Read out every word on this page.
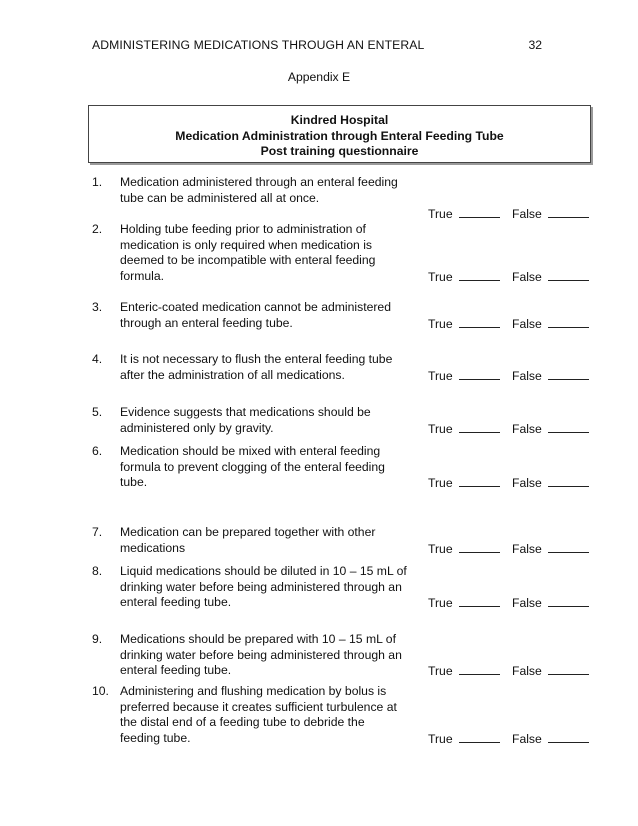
ADMINISTERING MEDICATIONS THROUGH AN ENTERAL	32
Appendix E
Kindred Hospital
Medication Administration through Enteral Feeding Tube
Post training questionnaire
1. Medication administered through an enteral feeding
tube can be administered all at once.
True	False
2. Holding tube feeding prior to administration of
medication is only required when medication is
deemed to be incompatible with enteral feeding
formula.	True	False
3. Enteric-coated medication cannot be administered
through an enteral feeding tube.	True	False
4. It is not necessary to flush the enteral feeding tube
after the administration of all medications.	True	False
5. Evidence suggests that medications should be
administered only by gravity.	True	False
6. Medication should be mixed with enteral feeding
formula to prevent clogging of the enteral feeding
tube.	True	False
7. Medication can be prepared together with other
medications	True	False
8. Liquid medications should be diluted in 10 – 15 mL of
drinking water before being administered through an
enteral feeding tube.	True	False
9. Medications should be prepared with 10 – 15 mL of
drinking water before being administered through an
enteral feeding tube.	True	False
10. Administering and flushing medication by bolus is
preferred because it creates sufficient turbulence at
the distal end of a feeding tube to debride the
feeding tube.	True	False
